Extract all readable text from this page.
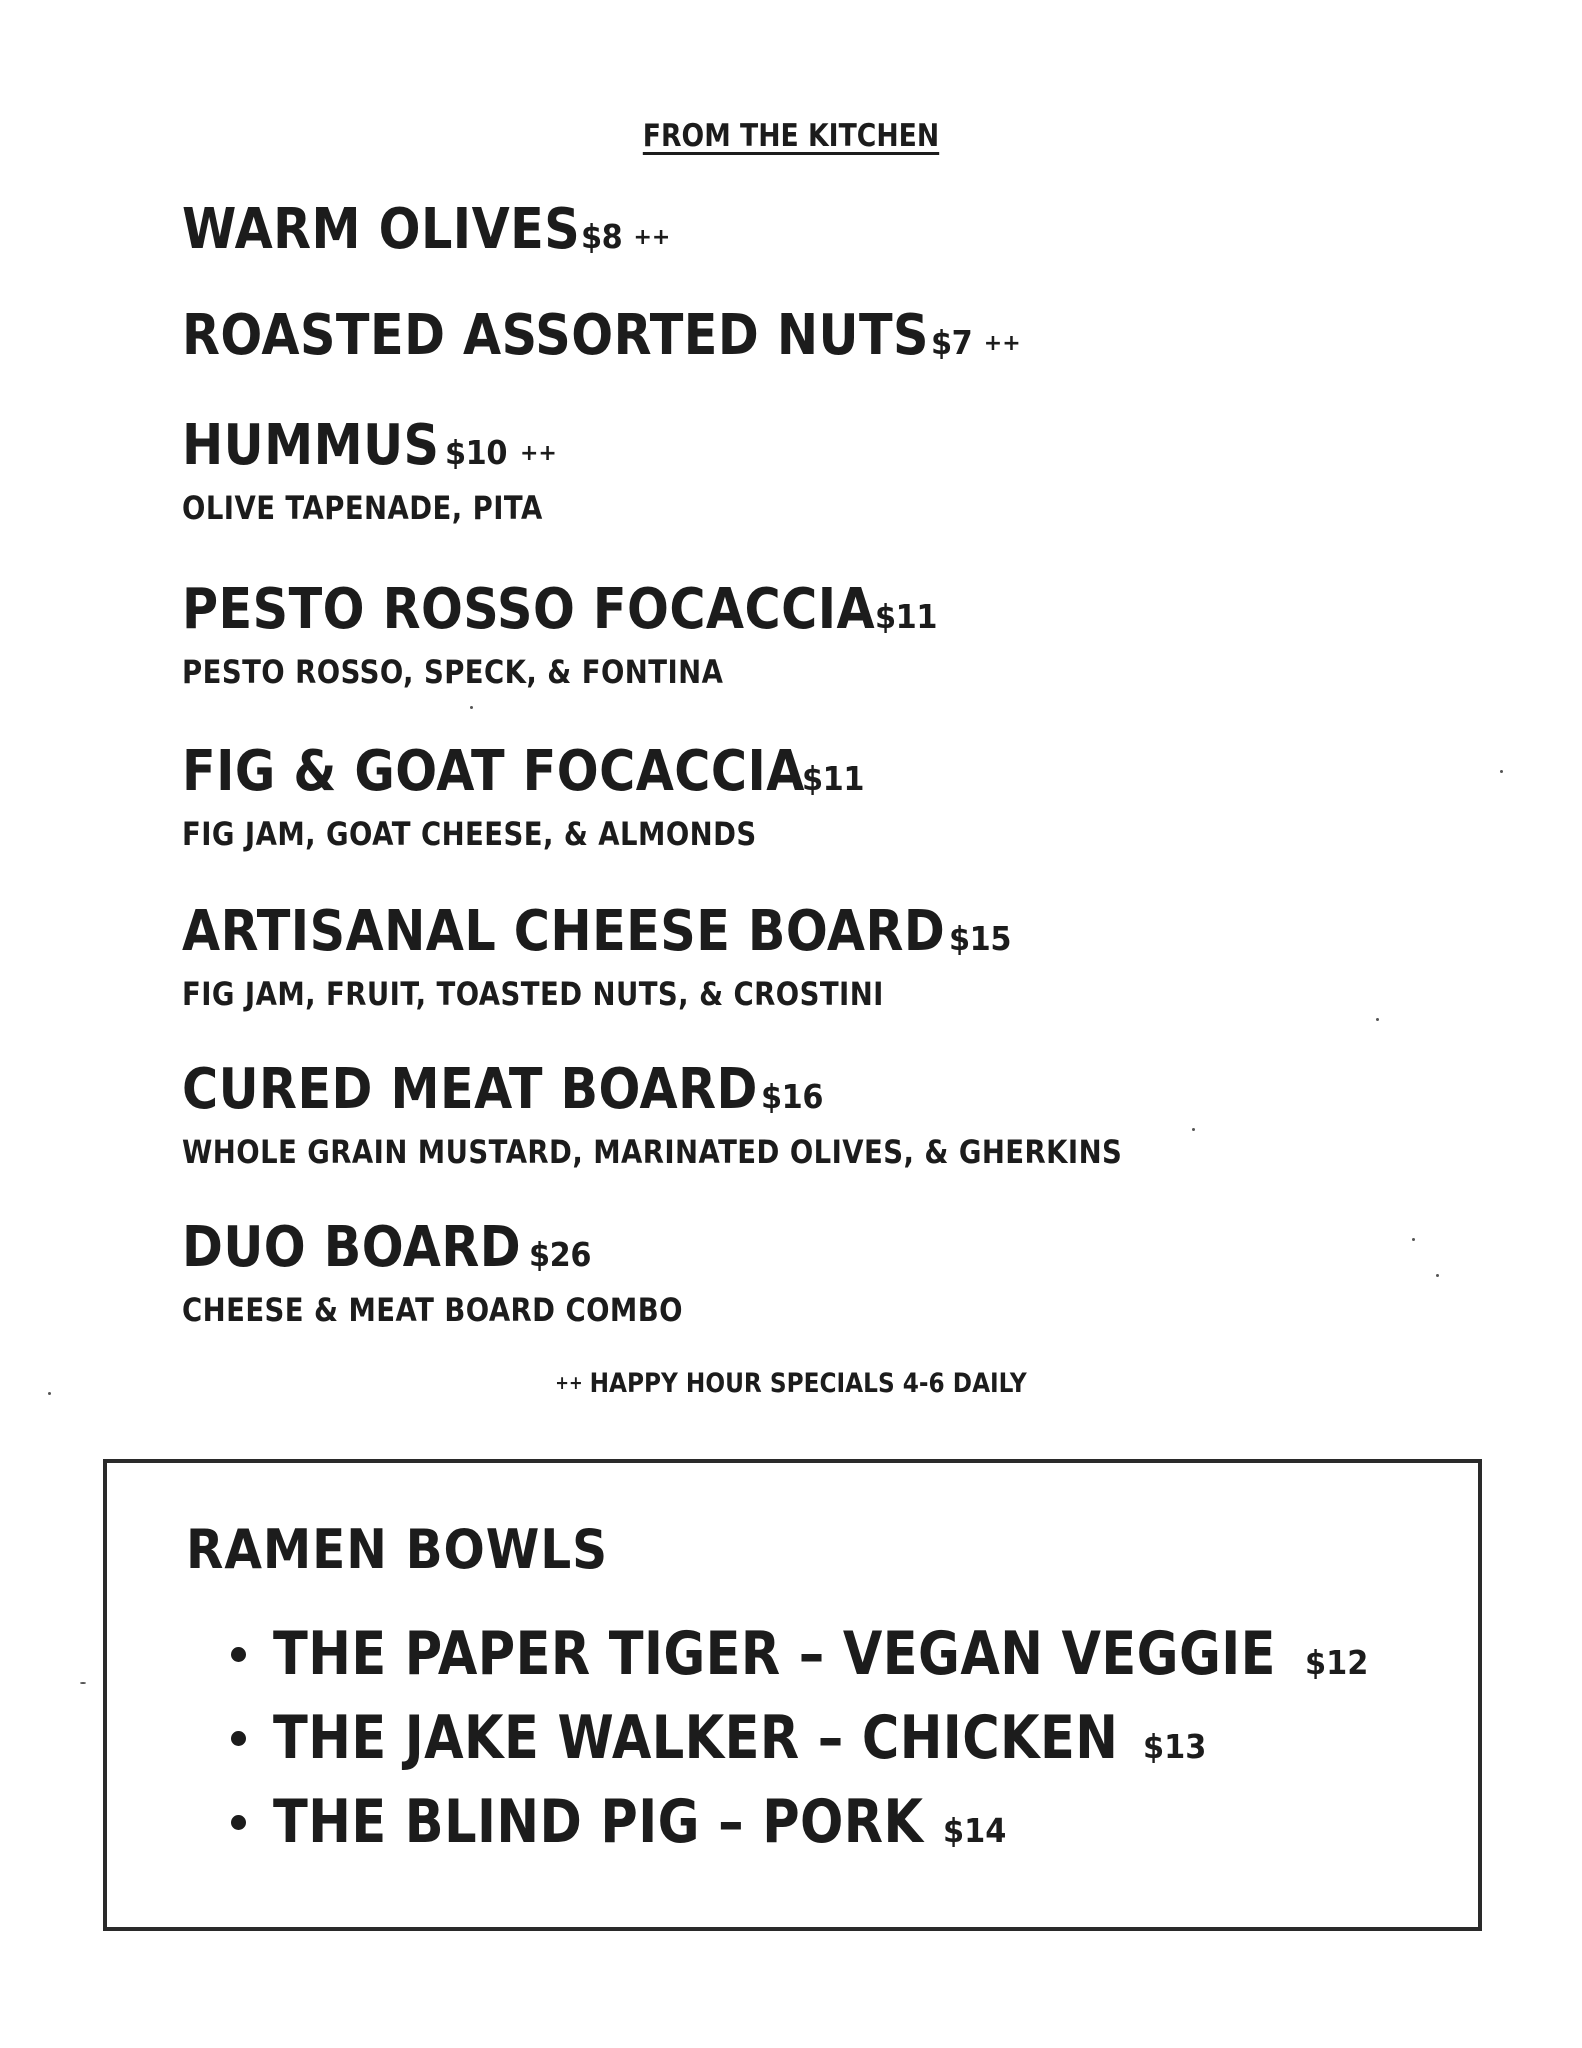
FROM THE KITCHEN
WARM OLIVES$8 ++
ROASTED ASSORTED NUTS$7 ++
HUMMUS $10 ++
OLIVE TAPENADE, PITA
PESTO ROSSO FOCACCIA$11
PESTO ROSSO, SPECK, & FONTINA
FIG & GOAT FOCACCIA$11
FIG JAM, GOAT CHEESE, & ALMONDS
ARTISANAL CHEESE BOARD $15
FIG JAM, FRUIT, TOASTED NUTS, & CROSTINI
CURED MEAT BOARD $16
WHOLE GRAIN MUSTARD, MARINATED OLIVES, & GHERKINS
DUO BOARD $26
CHEESE & MEAT BOARD COMBO
++ HAPPY HOUR SPECIALS 4-6 DAILY
RAMEN BOWLS
THE PAPER TIGER – VEGAN VEGGIE $12
THE JAKE WALKER – CHICKEN $13
THE BLIND PIG – PORK $14
